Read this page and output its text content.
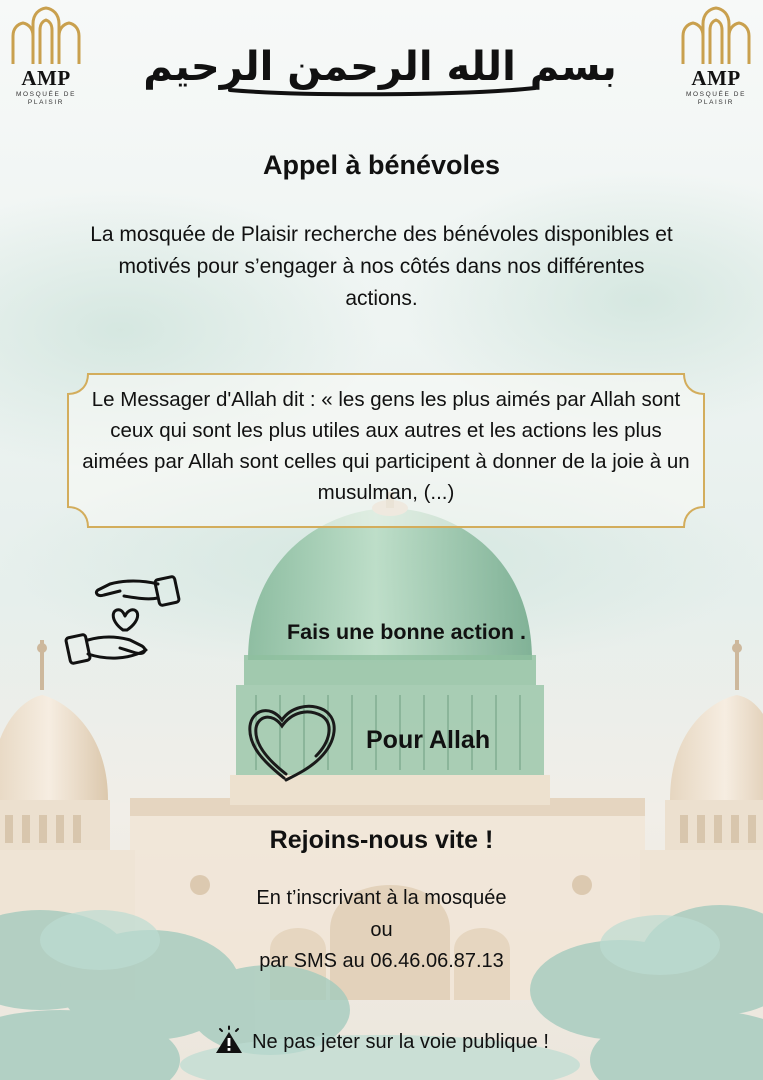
AMP
MOSQUÉE DE PLAISIR
AMP
MOSQUÉE DE PLAISIR
بسم الله الرحمن الرحيم
Appel à bénévoles
La mosquée de Plaisir recherche des bénévoles disponibles et motivés pour s’engager à nos côtés dans nos différentes actions.
Le Messager d'Allah dit : « les gens les plus aimés par Allah sont ceux qui sont les plus utiles aux autres et les actions les plus aimées par Allah sont celles qui participent à donner de la joie à un musulman, (...)
Fais une bonne action .
Pour Allah
Rejoins-nous vite !
En t’inscrivant à la mosquée
ou
par SMS au 06.46.06.87.13
Ne pas jeter sur la voie publique !
